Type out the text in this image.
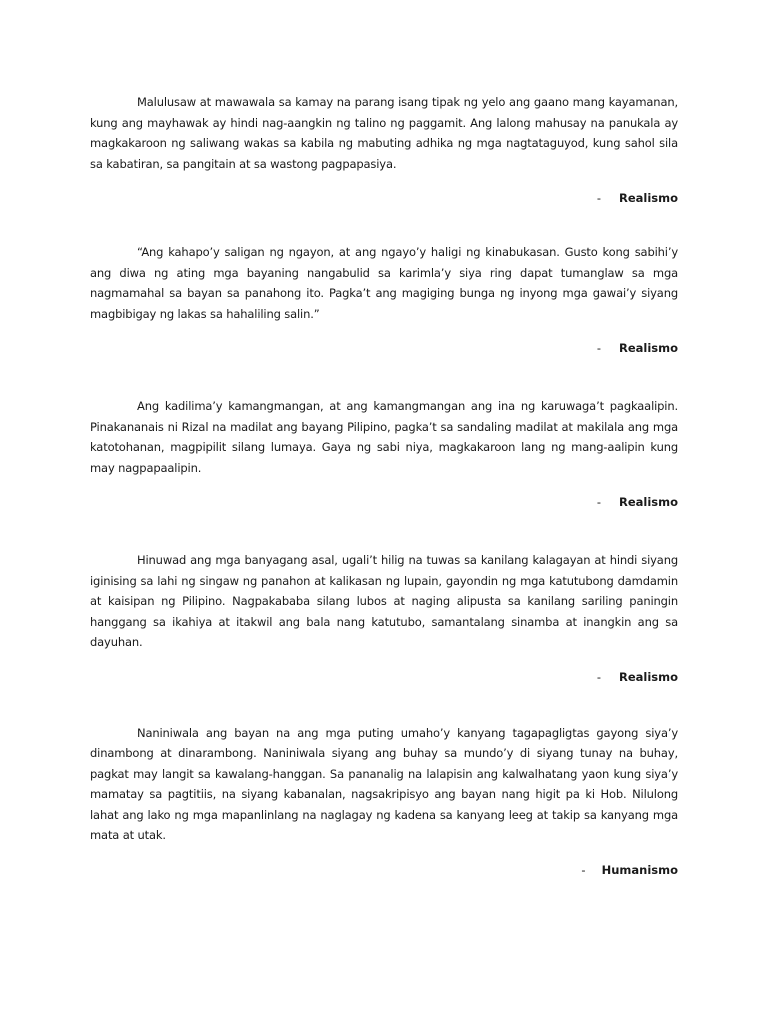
Malulusaw at mawawala sa kamay na parang isang tipak ng yelo ang gaano mang kayamanan, kung ang mayhawak ay hindi nag-aangkin ng talino ng paggamit. Ang lalong mahusay na panukala ay magkakaroon ng saliwang wakas sa kabila ng mabuting adhika ng mga nagtataguyod, kung sahol sila sa kabatiran, sa pangitain at sa wastong pagpapasiya.

- Realismo

“Ang kahapo’y saligan ng ngayon, at ang ngayo’y haligi ng kinabukasan. Gusto kong sabihi’y ang diwa ng ating mga bayaning nangabulid sa karimla’y siya ring dapat tumanglaw sa mga nagmamahal sa bayan sa panahong ito. Pagka’t ang magiging bunga ng inyong mga gawai’y siyang magbibigay ng lakas sa hahaliling salin.”

- Realismo

Ang kadilima’y kamangmangan, at ang kamangmangan ang ina ng karuwaga’t pagkaalipin. Pinakananais ni Rizal na madilat ang bayang Pilipino, pagka’t sa sandaling madilat at makilala ang mga katotohanan, magpipilit silang lumaya. Gaya ng sabi niya, magkakaroon lang ng mang-aalipin kung may nagpapaalipin.

- Realismo

Hinuwad ang mga banyagang asal, ugali’t hilig na tuwas sa kanilang kalagayan at hindi siyang iginising sa lahi ng singaw ng panahon at kalikasan ng lupain, gayondin ng mga katutubong damdamin at kaisipan ng Pilipino. Nagpakababa silang lubos at naging alipusta sa kanilang sariling paningin hanggang sa ikahiya at itakwil ang bala nang katutubo, samantalang sinamba at inangkin ang sa dayuhan.

- Realismo

Naniniwala ang bayan na ang mga puting umaho’y kanyang tagapagligtas gayong siya’y dinambong at dinarambong. Naniniwala siyang ang buhay sa mundo’y di siyang tunay na buhay, pagkat may langit sa kawalang-hanggan. Sa pananalig na lalapisin ang kalwalhatang yaon kung siya’y mamatay sa pagtitiis, na siyang kabanalan, nagsakripisyo ang bayan nang higit pa ki Hob. Nilulong lahat ang lako ng mga mapanlinlang na naglagay ng kadena sa kanyang leeg at takip sa kanyang mga mata at utak.

- Humanismo
